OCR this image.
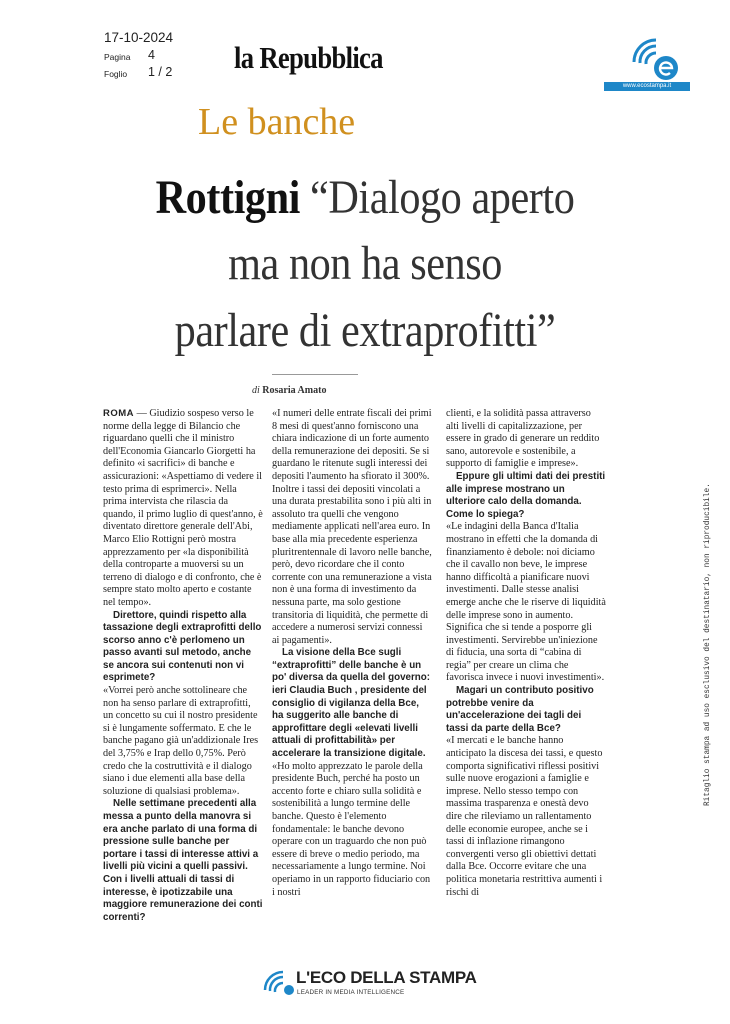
17-10-2024
Pagina 4
Foglio 1 / 2 la Repubblica
www.ecostampa.it
Le banche
Rottigni “Dialogo aperto
ma non ha senso
parlare di extraprofitti”
di Rosaria Amato

ROMA — Giudizio sospeso verso le norme della legge di Bilancio che riguardano quelli che il ministro dell'Economia Giancarlo Giorgetti ha definito «i sacrifici» di banche e assicurazioni: «Aspettiamo di vedere il testo prima di esprimerci». Nella prima intervista che rilascia da quando, il primo luglio di quest'anno, è diventato direttore generale dell'Abi, Marco Elio Rottigni però mostra apprezzamento per «la disponibilità della controparte a muoversi su un terreno di dialogo e di confronto, che è sempre stato molto aperto e costante nel tempo».

Direttore, quindi rispetto alla tassazione degli extraprofitti dello scorso anno c'è perlomeno un passo avanti sul metodo, anche se ancora sui contenuti non vi esprimete?

«Vorrei però anche sottolineare che non ha senso parlare di extraprofitti, un concetto su cui il nostro presidente si è lungamente soffermato. E che le banche pagano già un'addizionale Ires del 3,75% e Irap dello 0,75%. Però credo che la costruttività e il dialogo siano i due elementi alla base della soluzione di qualsiasi problema».

Nelle settimane precedenti alla messa a punto della manovra si era anche parlato di una forma di pressione sulle banche per portare i tassi di interesse attivi a livelli più vicini a quelli passivi. Con i livelli attuali di tassi di interesse, è ipotizzabile una maggiore remunerazione dei conti correnti?

«I numeri delle entrate fiscali dei primi 8 mesi di quest'anno forniscono una chiara indicazione di un forte aumento della remunerazione dei depositi. Se si guardano le ritenute sugli interessi dei depositi l'aumento ha sfiorato il 300%. Inoltre i tassi dei depositi vincolati a una durata prestabilita sono i più alti in assoluto tra quelli che vengono mediamente applicati nell'area euro. In base alla mia precedente esperienza pluritrentennale di lavoro nelle banche, però, devo ricordare che il conto corrente con una remunerazione a vista non è una forma di investimento da nessuna parte, ma solo gestione transitoria di liquidità, che permette di accedere a numerosi servizi connessi ai pagamenti».

La visione della Bce sugli “extraprofitti” delle banche è un po' diversa da quella del governo: ieri Claudia Buch , presidente del consiglio di vigilanza della Bce, ha suggerito alle banche di approfittare degli «elevati livelli attuali di profittabilità» per accelerare la transizione digitale.

«Ho molto apprezzato le parole della presidente Buch, perché ha posto un accento forte e chiaro sulla solidità e sostenibilità a lungo termine delle banche. Questo è l'elemento fondamentale: le banche devono operare con un traguardo che non può essere di breve o medio periodo, ma necessariamente a lungo termine. Noi operiamo in un rapporto fiduciario con i nostri

clienti, e la solidità passa attraverso alti livelli di capitalizzazione, per essere in grado di generare un reddito sano, autorevole e sostenibile, a supporto di famiglie e imprese».

Eppure gli ultimi dati dei prestiti alle imprese mostrano un ulteriore calo della domanda. Come lo spiega?

«Le indagini della Banca d'Italia mostrano in effetti che la domanda di finanziamento è debole: noi diciamo che il cavallo non beve, le imprese hanno difficoltà a pianificare nuovi investimenti. Dalle stesse analisi emerge anche che le riserve di liquidità delle imprese sono in aumento. Significa che si tende a posporre gli investimenti. Servirebbe un'iniezione di fiducia, una sorta di “cabina di regia” per creare un clima che favorisca invece i nuovi investimenti».

Magari un contributo positivo potrebbe venire da un'accelerazione dei tagli dei tassi da parte della Bce?

«I mercati e le banche hanno anticipato la discesa dei tassi, e questo comporta significativi riflessi positivi sulle nuove erogazioni a famiglie e imprese. Nello stesso tempo con massima trasparenza e onestà devo dire che rileviamo un rallentamento delle economie europee, anche se i tassi di inflazione rimangono convergenti verso gli obiettivi dettati dalla Bce. Occorre evitare che una politica monetaria restrittiva aumenti i rischi di

Ritaglio stampa ad uso esclusivo del destinatario, non riproducibile.
L'ECO DELLA STAMPA
LEADER IN MEDIA INTELLIGENCE
